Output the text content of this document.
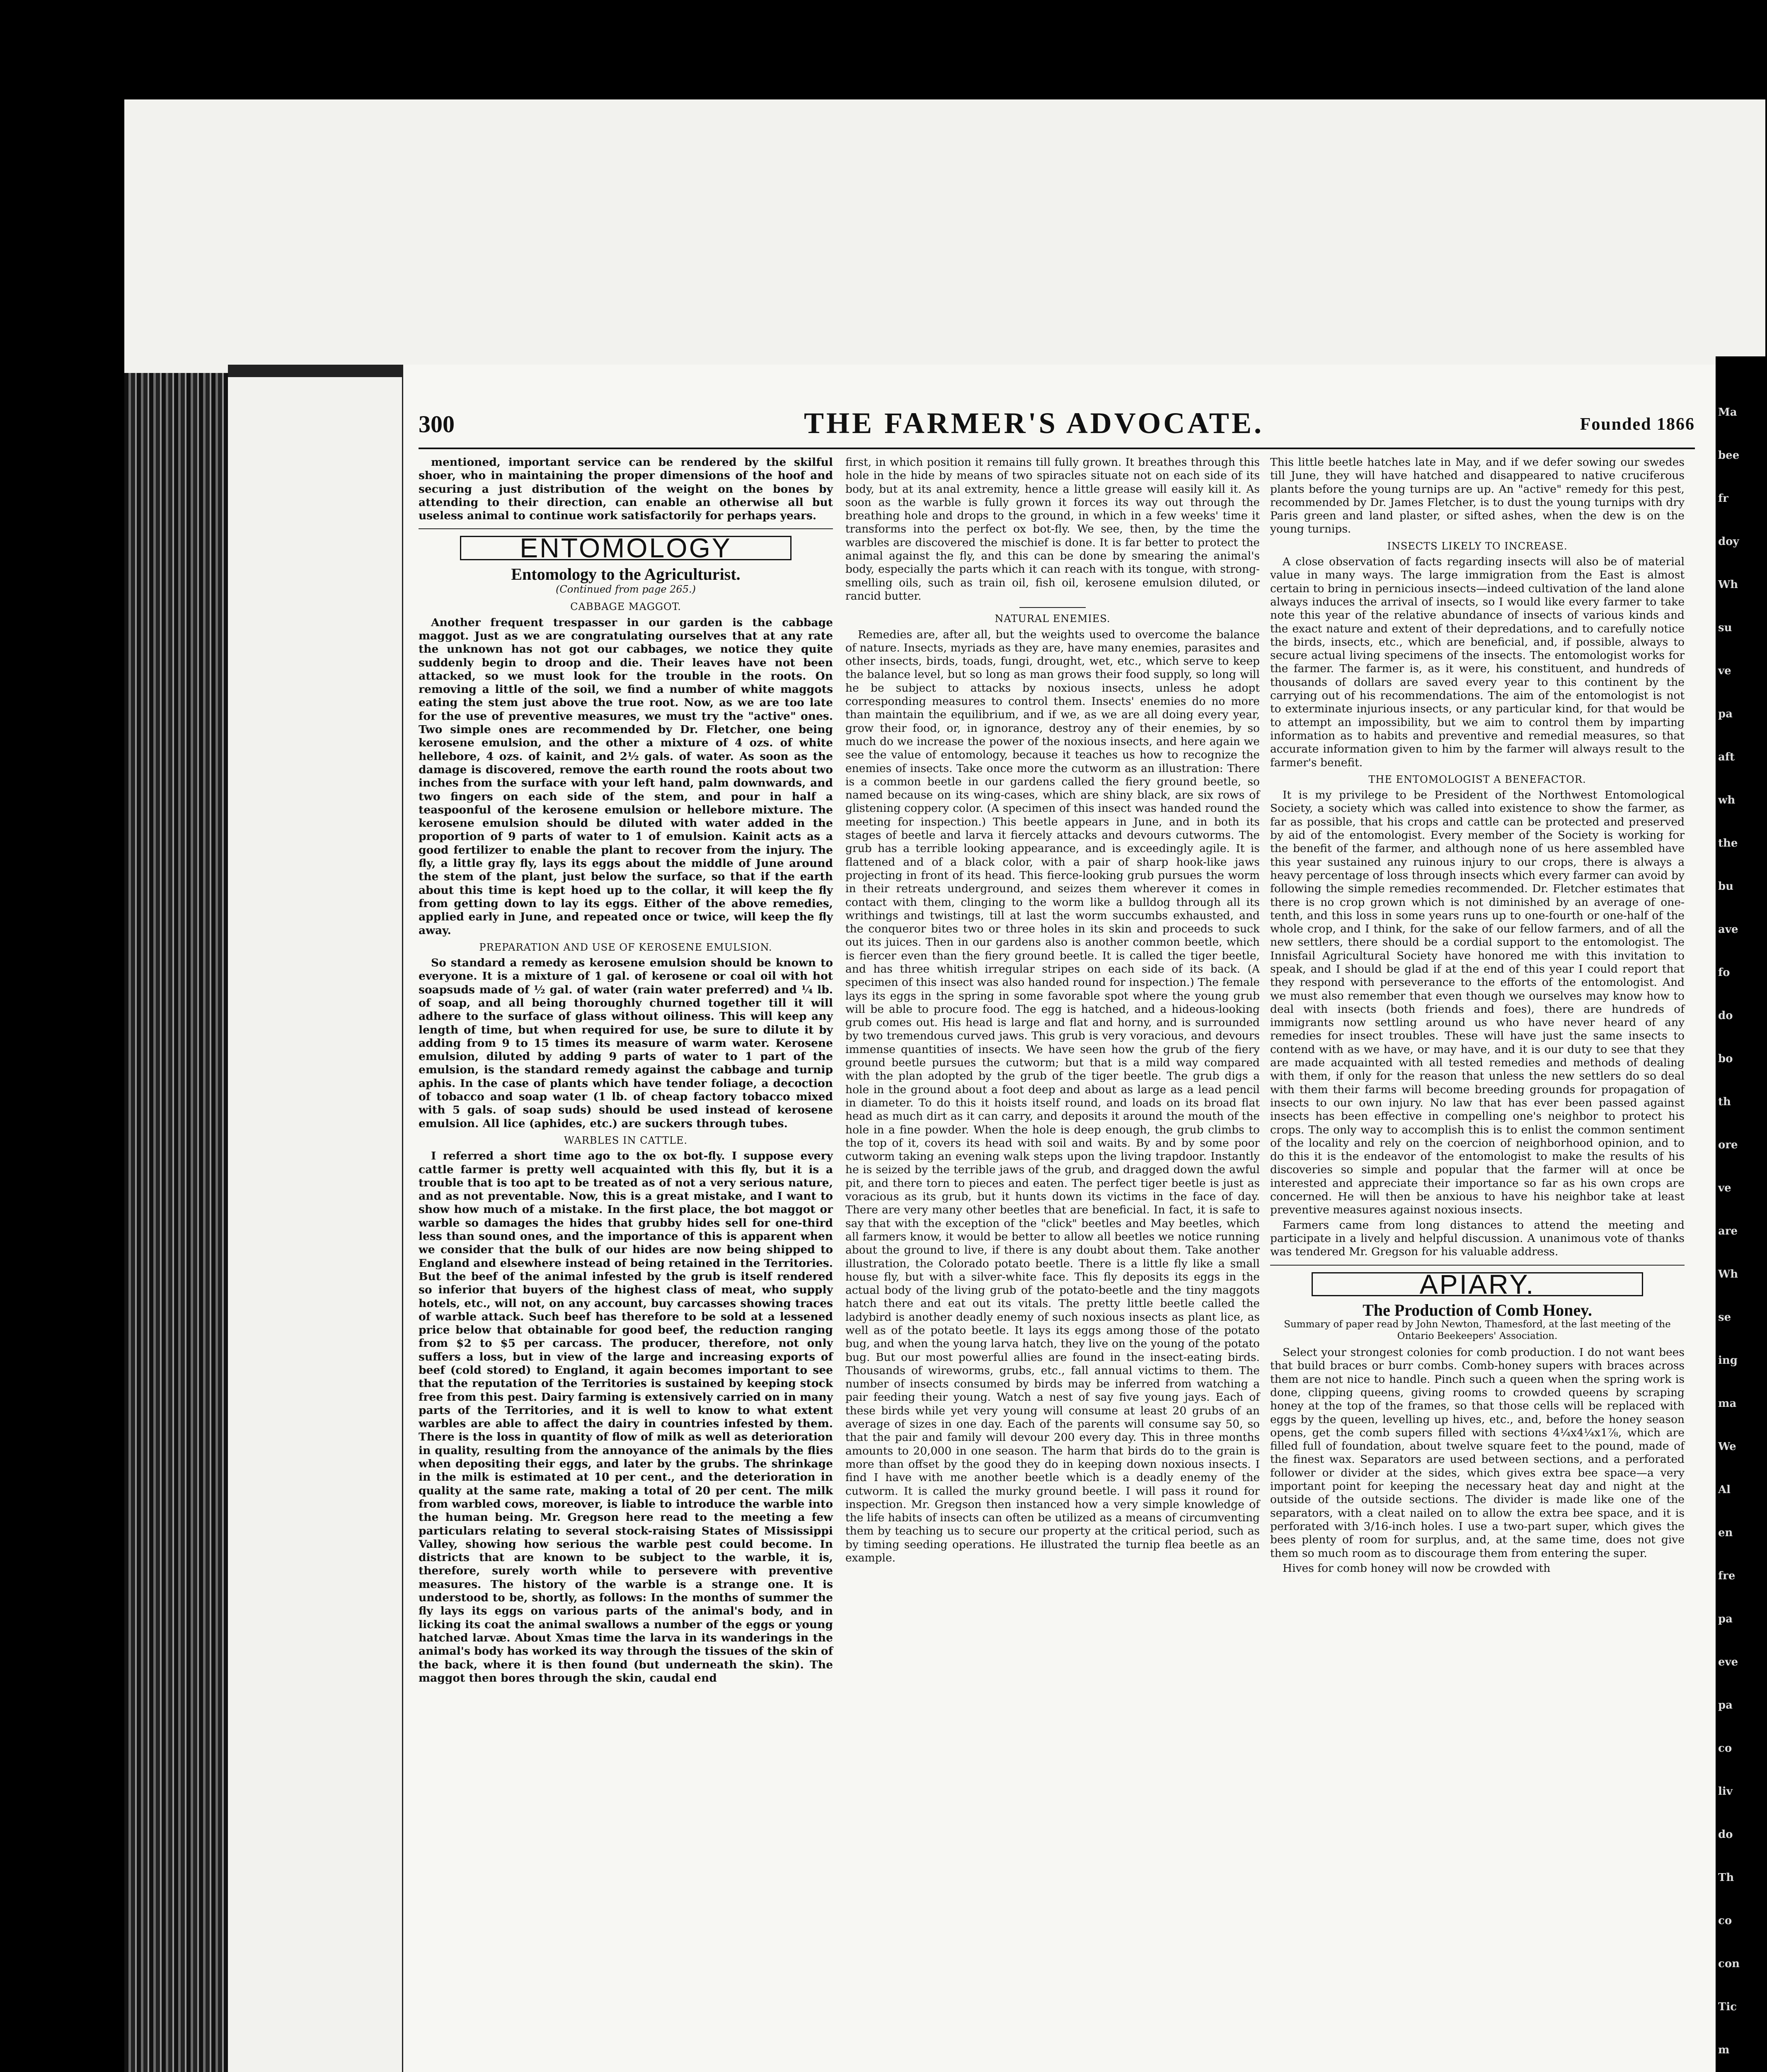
300	THE FARMER'S ADVOCATE.	Founded 1866

mentioned, important service can be rendered by the skilful shoer, who in maintaining the proper dimensions of the hoof and securing a just distribution of the weight on the bones by attending to their direction, can enable an otherwise all but useless animal to continue work satisfactorily for perhaps years.

ENTOMOLOGY
Entomology to the Agriculturist.
(Continued from page 265.)
CABBAGE MAGGOT.

Another frequent trespasser in our garden is the cabbage maggot. Just as we are congratulating ourselves that at any rate the unknown has not got our cabbages, we notice they quite suddenly begin to droop and die. Their leaves have not been attacked, so we must look for the trouble in the roots. On removing a little of the soil, we find a number of white maggots eating the stem just above the true root. Now, as we are too late for the use of preventive measures, we must try the "active" ones. Two simple ones are recommended by Dr. Fletcher, one being kerosene emulsion, and the other a mixture of 4 ozs. of white hellebore, 4 ozs. of kainit, and 2½ gals. of water. As soon as the damage is discovered, remove the earth round the roots about two inches from the surface with your left hand, palm downwards, and two fingers on each side of the stem, and pour in half a teaspoonful of the kerosene emulsion or hellebore mixture. The kerosene emulsion should be diluted with water added in the proportion of 9 parts of water to 1 of emulsion. Kainit acts as a good fertilizer to enable the plant to recover from the injury. The fly, a little gray fly, lays its eggs about the middle of June around the stem of the plant, just below the surface, so that if the earth about this time is kept hoed up to the collar, it will keep the fly from getting down to lay its eggs. Either of the above remedies, applied early in June, and repeated once or twice, will keep the fly away.

PREPARATION AND USE OF KEROSENE EMULSION.

So standard a remedy as kerosene emulsion should be known to everyone. It is a mixture of 1 gal. of kerosene or coal oil with hot soapsuds made of ½ gal. of water (rain water preferred) and ¼ lb. of soap, and all being thoroughly churned together till it will adhere to the surface of glass without oiliness. This will keep any length of time, but when required for use, be sure to dilute it by adding from 9 to 15 times its measure of warm water. Kerosene emulsion, diluted by adding 9 parts of water to 1 part of the emulsion, is the standard remedy against the cabbage and turnip aphis. In the case of plants which have tender foliage, a decoction of tobacco and soap water (1 lb. of cheap factory tobacco mixed with 5 gals. of soap suds) should be used instead of kerosene emulsion. All lice (aphides, etc.) are suckers through tubes.

WARBLES IN CATTLE.

I referred a short time ago to the ox bot-fly. I suppose every cattle farmer is pretty well acquainted with this fly, but it is a trouble that is too apt to be treated as of not a very serious nature, and as not preventable. Now, this is a great mistake, and I want to show how much of a mistake. In the first place, the bot maggot or warble so damages the hides that grubby hides sell for one-third less than sound ones, and the importance of this is apparent when we consider that the bulk of our hides are now being shipped to England and elsewhere instead of being retained in the Territories. But the beef of the animal infested by the grub is itself rendered so inferior that buyers of the highest class of meat, who supply hotels, etc., will not, on any account, buy carcasses showing traces of warble attack. Such beef has therefore to be sold at a lessened price below that obtainable for good beef, the reduction ranging from $2 to $5 per carcass. The producer, therefore, not only suffers a loss, but in view of the large and increasing exports of beef (cold stored) to England, it again becomes important to see that the reputation of the Territories is sustained by keeping stock free from this pest. Dairy farming is extensively carried on in many parts of the Territories, and it is well to know to what extent warbles are able to affect the dairy in countries infested by them. There is the loss in quantity of flow of milk as well as deterioration in quality, resulting from the annoyance of the animals by the flies when depositing their eggs, and later by the grubs. The shrinkage in the milk is estimated at 10 per cent., and the deterioration in quality at the same rate, making a total of 20 per cent. The milk from warbled cows, moreover, is liable to introduce the warble into the human being. Mr. Gregson here read to the meeting a few particulars relating to several stock-raising States of Mississippi Valley, showing how serious the warble pest could become. In districts that are known to be subject to the warble, it is, therefore, surely worth while to persevere with preventive measures. The history of the warble is a strange one. It is understood to be, shortly, as follows: In the months of summer the fly lays its eggs on various parts of the animal's body, and in licking its coat the animal swallows a number of the eggs or young hatched larvæ. About Xmas time the larva in its wanderings in the animal's body has worked its way through the tissues of the skin of the back, where it is then found (but underneath the skin). The maggot then bores through the skin, caudal end

first, in which position it remains till fully grown. It breathes through this hole in the hide by means of two spiracles situate not on each side of its body, but at its anal extremity, hence a little grease will easily kill it. As soon as the warble is fully grown it forces its way out through the breathing hole and drops to the ground, in which in a few weeks' time it transforms into the perfect ox bot-fly. We see, then, by the time the warbles are discovered the mischief is done. It is far better to protect the animal against the fly, and this can be done by smearing the animal's body, especially the parts which it can reach with its tongue, with strong-smelling oils, such as train oil, fish oil, kerosene emulsion diluted, or rancid butter.

NATURAL ENEMIES.

Remedies are, after all, but the weights used to overcome the balance of nature. Insects, myriads as they are, have many enemies, parasites and other insects, birds, toads, fungi, drought, wet, etc., which serve to keep the balance level, but so long as man grows their food supply, so long will he be subject to attacks by noxious insects, unless he adopt corresponding measures to control them. Insects' enemies do no more than maintain the equilibrium, and if we, as we are all doing every year, grow their food, or, in ignorance, destroy any of their enemies, by so much do we increase the power of the noxious insects, and here again we see the value of entomology, because it teaches us how to recognize the enemies of insects. Take once more the cutworm as an illustration: There is a common beetle in our gardens called the fiery ground beetle, so named because on its wing-cases, which are shiny black, are six rows of glistening coppery color. (A specimen of this insect was handed round the meeting for inspection.) This beetle appears in June, and in both its stages of beetle and larva it fiercely attacks and devours cutworms. The grub has a terrible looking appearance, and is exceedingly agile. It is flattened and of a black color, with a pair of sharp hook-like jaws projecting in front of its head. This fierce-looking grub pursues the worm in their retreats underground, and seizes them wherever it comes in contact with them, clinging to the worm like a bulldog through all its writhings and twistings, till at last the worm succumbs exhausted, and the conqueror bites two or three holes in its skin and proceeds to suck out its juices. Then in our gardens also is another common beetle, which is fiercer even than the fiery ground beetle. It is called the tiger beetle, and has three whitish irregular stripes on each side of its back. (A specimen of this insect was also handed round for inspection.) The female lays its eggs in the spring in some favorable spot where the young grub will be able to procure food. The egg is hatched, and a hideous-looking grub comes out. His head is large and flat and horny, and is surrounded by two tremendous curved jaws. This grub is very voracious, and devours immense quantities of insects. We have seen how the grub of the fiery ground beetle pursues the cutworm; but that is a mild way compared with the plan adopted by the grub of the tiger beetle. The grub digs a hole in the ground about a foot deep and about as large as a lead pencil in diameter. To do this it hoists itself round, and loads on its broad flat head as much dirt as it can carry, and deposits it around the mouth of the hole in a fine powder. When the hole is deep enough, the grub climbs to the top of it, covers its head with soil and waits. By and by some poor cutworm taking an evening walk steps upon the living trapdoor. Instantly he is seized by the terrible jaws of the grub, and dragged down the awful pit, and there torn to pieces and eaten. The perfect tiger beetle is just as voracious as its grub, but it hunts down its victims in the face of day. There are very many other beetles that are beneficial. In fact, it is safe to say that with the exception of the "click" beetles and May beetles, which all farmers know, it would be better to allow all beetles we notice running about the ground to live, if there is any doubt about them. Take another illustration, the Colorado potato beetle. There is a little fly like a small house fly, but with a silver-white face. This fly deposits its eggs in the actual body of the living grub of the potato-beetle and the tiny maggots hatch there and eat out its vitals. The pretty little beetle called the ladybird is another deadly enemy of such noxious insects as plant lice, as well as of the potato beetle. It lays its eggs among those of the potato bug, and when the young larva hatch, they live on the young of the potato bug. But our most powerful allies are found in the insect-eating birds. Thousands of wireworms, grubs, etc., fall annual victims to them. The number of insects consumed by birds may be inferred from watching a pair feeding their young. Watch a nest of say five young jays. Each of these birds while yet very young will consume at least 20 grubs of an average of sizes in one day. Each of the parents will consume say 50, so that the pair and family will devour 200 every day. This in three months amounts to 20,000 in one season. The harm that birds do to the grain is more than offset by the good they do in keeping down noxious insects. I find I have with me another beetle which is a deadly enemy of the cutworm. It is called the murky ground beetle. I will pass it round for inspection. Mr. Gregson then instanced how a very simple knowledge of the life habits of insects can often be utilized as a means of circumventing them by teaching us to secure our property at the critical period, such as by timing seeding operations. He illustrated the turnip flea beetle as an example.

This little beetle hatches late in May, and if we defer sowing our swedes till June, they will have hatched and disappeared to native cruciferous plants before the young turnips are up. An "active" remedy for this pest, recommended by Dr. James Fletcher, is to dust the young turnips with dry Paris green and land plaster, or sifted ashes, when the dew is on the young turnips.

INSECTS LIKELY TO INCREASE.

A close observation of facts regarding insects will also be of material value in many ways. The large immigration from the East is almost certain to bring in pernicious insects—indeed cultivation of the land alone always induces the arrival of insects, so I would like every farmer to take note this year of the relative abundance of insects of various kinds and the exact nature and extent of their depredations, and to carefully notice the birds, insects, etc., which are beneficial, and, if possible, always to secure actual living specimens of the insects. The entomologist works for the farmer. The farmer is, as it were, his constituent, and hundreds of thousands of dollars are saved every year to this continent by the carrying out of his recommendations. The aim of the entomologist is not to exterminate injurious insects, or any particular kind, for that would be to attempt an impossibility, but we aim to control them by imparting information as to habits and preventive and remedial measures, so that accurate information given to him by the farmer will always result to the farmer's benefit.

THE ENTOMOLOGIST A BENEFACTOR.

It is my privilege to be President of the Northwest Entomological Society, a society which was called into existence to show the farmer, as far as possible, that his crops and cattle can be protected and preserved by aid of the entomologist. Every member of the Society is working for the benefit of the farmer, and although none of us here assembled have this year sustained any ruinous injury to our crops, there is always a heavy percentage of loss through insects which every farmer can avoid by following the simple remedies recommended. Dr. Fletcher estimates that there is no crop grown which is not diminished by an average of one-tenth, and this loss in some years runs up to one-fourth or one-half of the whole crop, and I think, for the sake of our fellow farmers, and of all the new settlers, there should be a cordial support to the entomologist. The Innisfail Agricultural Society have honored me with this invitation to speak, and I should be glad if at the end of this year I could report that they respond with perseverance to the efforts of the entomologist. And we must also remember that even though we ourselves may know how to deal with insects (both friends and foes), there are hundreds of immigrants now settling around us who have never heard of any remedies for insect troubles. These will have just the same insects to contend with as we have, or may have, and it is our duty to see that they are made acquainted with all tested remedies and methods of dealing with them, if only for the reason that unless the new settlers do so deal with them their farms will become breeding grounds for propagation of insects to our own injury. No law that has ever been passed against insects has been effective in compelling one's neighbor to protect his crops. The only way to accomplish this is to enlist the common sentiment of the locality and rely on the coercion of neighborhood opinion, and to do this it is the endeavor of the entomologist to make the results of his discoveries so simple and popular that the farmer will at once be interested and appreciate their importance so far as his own crops are concerned. He will then be anxious to have his neighbor take at least preventive measures against noxious insects.

Farmers came from long distances to attend the meeting and participate in a lively and helpful discussion. A unanimous vote of thanks was tendered Mr. Gregson for his valuable address.

APIARY.
The Production of Comb Honey.
Summary of paper read by John Newton, Thamesford, at the last meeting of the Ontario Beekeepers' Association.

Select your strongest colonies for comb production. I do not want bees that build braces or burr combs. Comb-honey supers with braces across them are not nice to handle. Pinch such a queen when the spring work is done, clipping queens, giving rooms to crowded queens by scraping honey at the top of the frames, so that those cells will be replaced with eggs by the queen, levelling up hives, etc., and, before the honey season opens, get the comb supers filled with sections 4¼x4¼x1⅞, which are filled full of foundation, about twelve square feet to the pound, made of the finest wax. Separators are used between sections, and a perforated follower or divider at the sides, which gives extra bee space—a very important point for keeping the necessary heat day and night at the outside of the outside sections. The divider is made like one of the separators, with a cleat nailed on to allow the extra bee space, and it is perforated with 3/16-inch holes. I use a two-part super, which gives the bees plenty of room for surplus, and, at the same time, does not give them so much room as to discourage them from entering the super.

Hives for comb honey will now be crowded with

Ma
bee
fr
doy
Wh
su
ve
pa
aft
wh
the
bu
ave
fo
do
bo
th
ore
ve
are
Wh
se
ing
ma
We
Al
en
fre
pa
eve
pa
co
liv
do
Th
co
con
Tic
m
